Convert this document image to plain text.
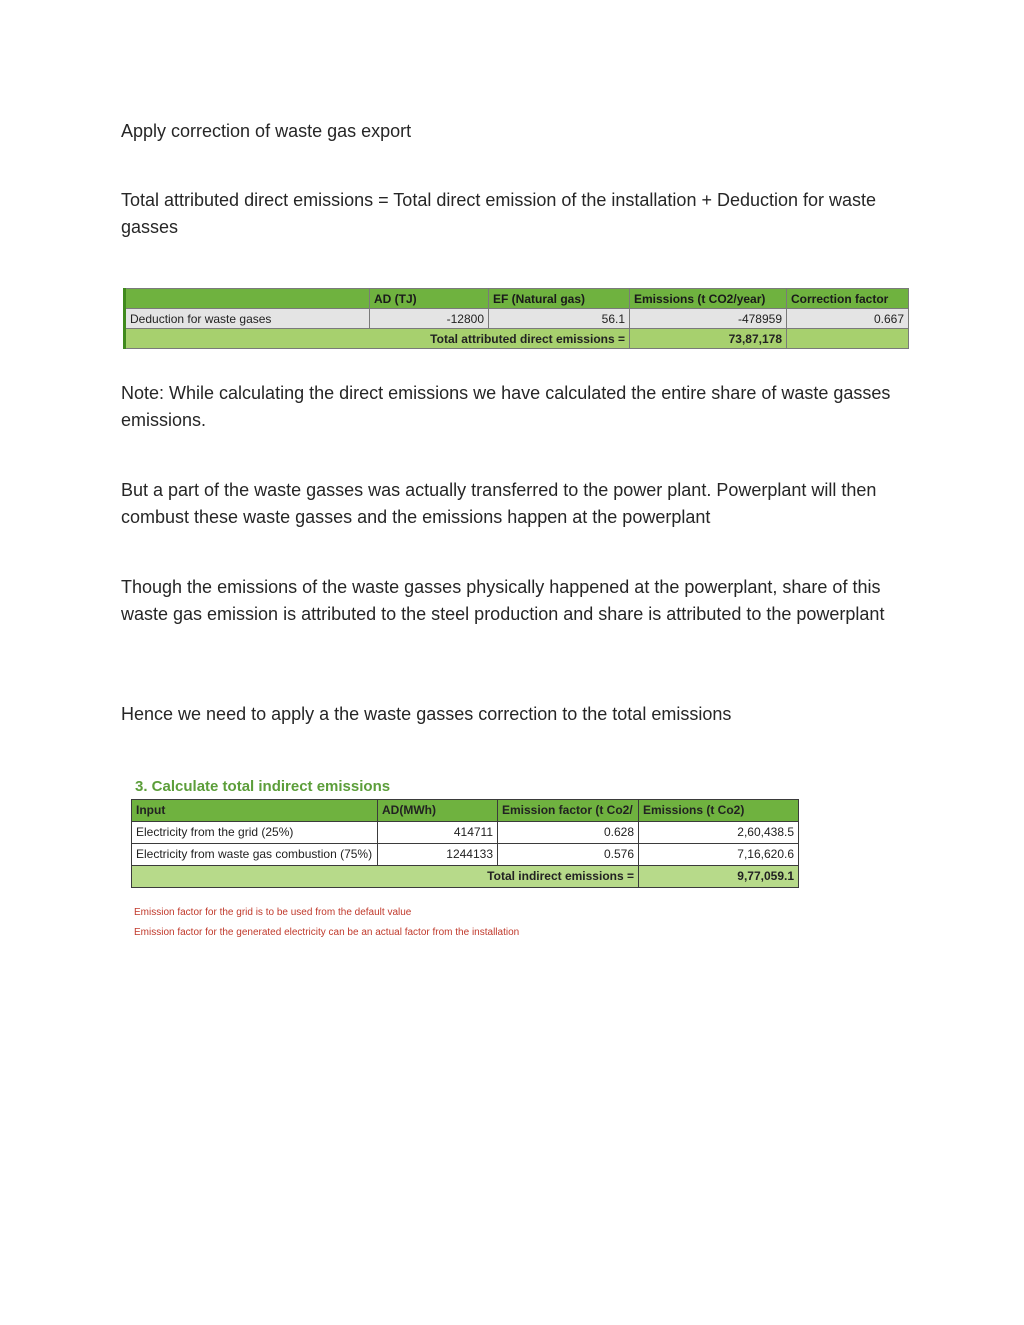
Apply correction of waste gas export

Total attributed direct emissions = Total direct emission of the installation + Deduction for waste gasses

	AD (TJ)	EF (Natural gas)	Emissions (t CO2/year)	Correction factor
Deduction for waste gases	-12800	56.1	-478959	0.667
Total attributed direct emissions =			73,87,178	

Note: While calculating the direct emissions we have calculated the entire share of waste gasses emissions.

But a part of the waste gasses was actually transferred to the power plant. Powerplant will then combust these waste gasses and the emissions happen at the powerplant

Though the emissions of the waste gasses physically happened at the powerplant, share of this waste gas emission is attributed to the steel production and share is attributed to the powerplant

Hence we need to apply a the waste gasses correction to the total emissions

3. Calculate total indirect emissions

Input	AD(MWh)	Emission factor (t Co2/	Emissions (t Co2)
Electricity from the grid (25%)	414711	0.628	2,60,438.5
Electricity from waste gas combustion (75%)	1244133	0.576	7,16,620.6
Total indirect emissions =			9,77,059.1

Emission factor for the grid is to be used from the default value

Emission factor for the generated electricity can be an actual factor from the installation
